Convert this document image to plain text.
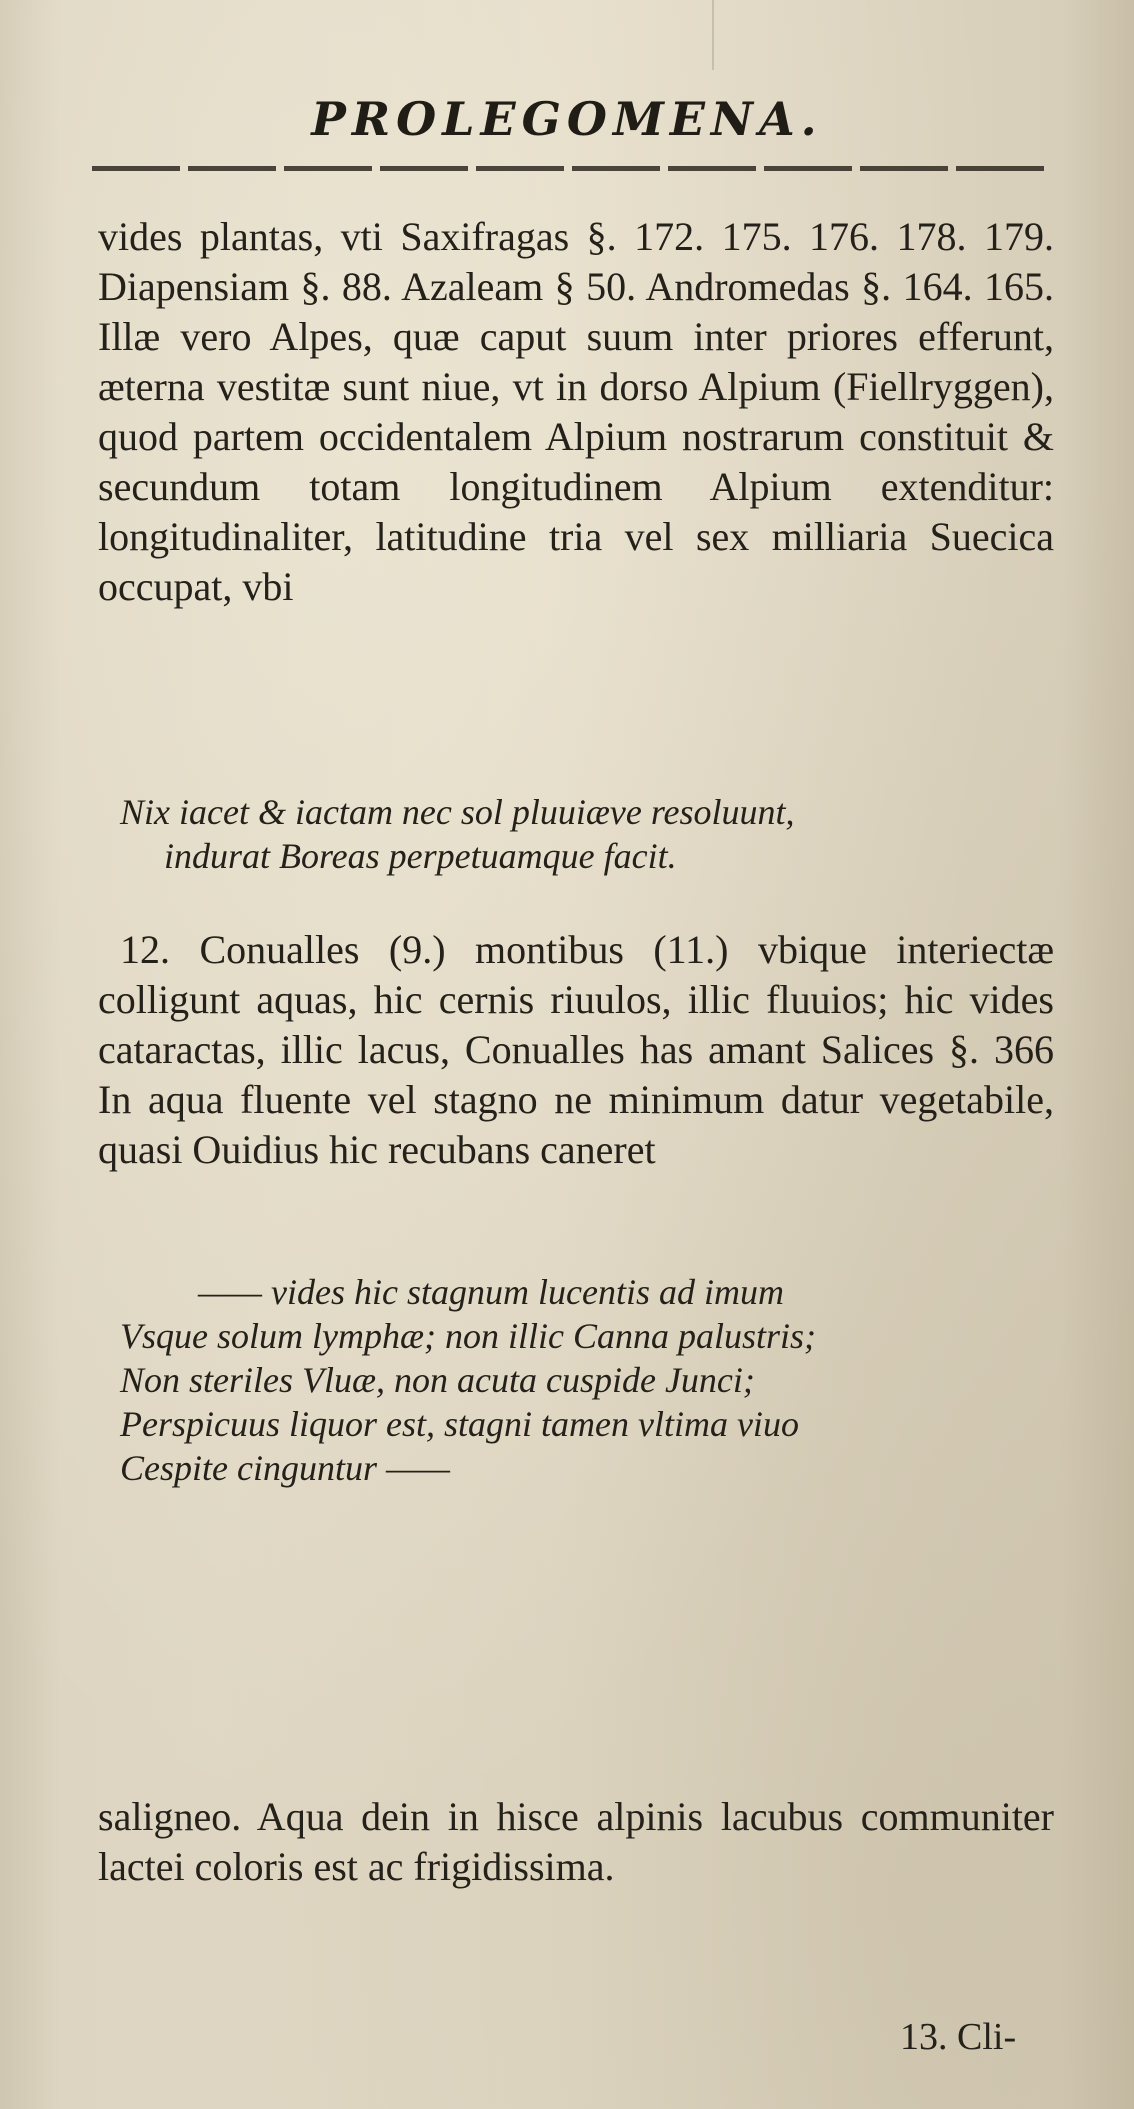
PROLEGOMENA.

vides plantas, vti Saxifragas §. 172. 175. 176. 178. 179. Diapensiam §. 88. Azaleam § 50. Andromedas §. 164. 165. Illæ vero Alpes, quæ caput suum inter priores efferunt, æterna vestitæ sunt niue, vt in dorso Alpium (Fiellryggen), quod partem occidentalem Alpium nostrarum constituit & secundum totam longitudinem Alpium extenditur: longitudinaliter, latitudine tria vel sex milliaria Suecica occupat, vbi

Nix iacet & iactam nec sol pluuiæve resoluunt,
indurat Boreas perpetuamque facit.

12. Conualles (9.) montibus (11.) vbique interiectæ colligunt aquas, hic cernis riuulos, illic fluuios; hic vides cataractas, illic lacus, Conualles has amant Salices §. 366 In aqua fluente vel stagno ne minimum datur vegetabile, quasi Ouidius hic recubans caneret

—— vides hic stagnum lucentis ad imum
Vsque solum lymphæ; non illic Canna palustris;
Non steriles Vluæ, non acuta cuspide Junci;
Perspicuus liquor est, stagni tamen vltima viuo
Cespite cinguntur ——

saligneo. Aqua dein in hisce alpinis lacubus communiter lactei coloris est ac frigidissima.

13. Cli-
